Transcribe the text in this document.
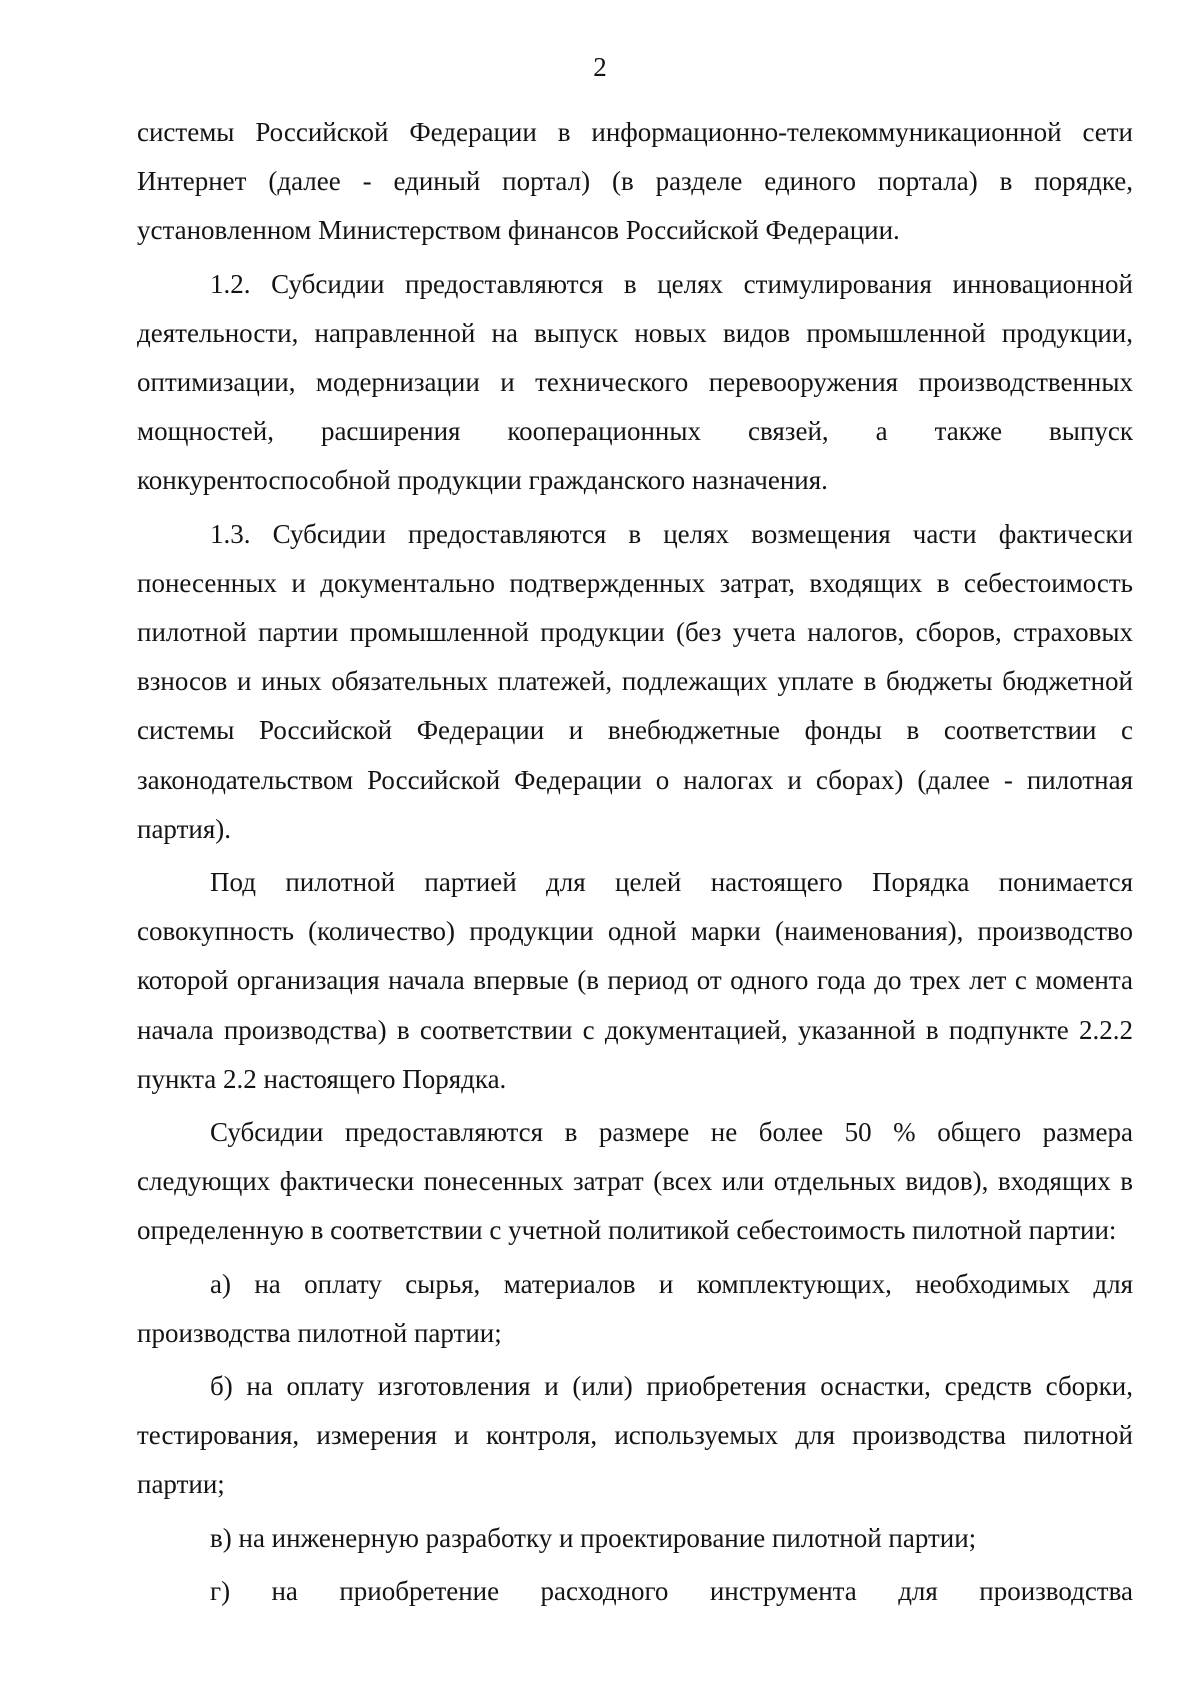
2

системы Российской Федерации в информационно-телекоммуникационной сети Интернет (далее - единый портал) (в разделе единого портала) в порядке, установленном Министерством финансов Российской Федерации.

1.2. Субсидии предоставляются в целях стимулирования инновационной деятельности, направленной на выпуск новых видов промышленной продукции, оптимизации, модернизации и технического перевооружения производственных мощностей, расширения кооперационных связей, а также выпуск конкурентоспособной продукции гражданского назначения.

1.3. Субсидии предоставляются в целях возмещения части фактически понесенных и документально подтвержденных затрат, входящих в себестоимость пилотной партии промышленной продукции (без учета налогов, сборов, страховых взносов и иных обязательных платежей, подлежащих уплате в бюджеты бюджетной системы Российской Федерации и внебюджетные фонды в соответствии с законодательством Российской Федерации о налогах и сборах) (далее - пилотная партия).

Под пилотной партией для целей настоящего Порядка понимается совокупность (количество) продукции одной марки (наименования), производство которой организация начала впервые (в период от одного года до трех лет с момента начала производства) в соответствии с документацией, указанной в подпункте 2.2.2 пункта 2.2 настоящего Порядка.

Субсидии предоставляются в размере не более 50 % общего размера следующих фактически понесенных затрат (всех или отдельных видов), входящих в определенную в соответствии с учетной политикой себестоимость пилотной партии:

а) на оплату сырья, материалов и комплектующих, необходимых для производства пилотной партии;

б) на оплату изготовления и (или) приобретения оснастки, средств сборки, тестирования, измерения и контроля, используемых для производства пилотной партии;

в) на инженерную разработку и проектирование пилотной партии;

г) на приобретение расходного инструмента для производства
